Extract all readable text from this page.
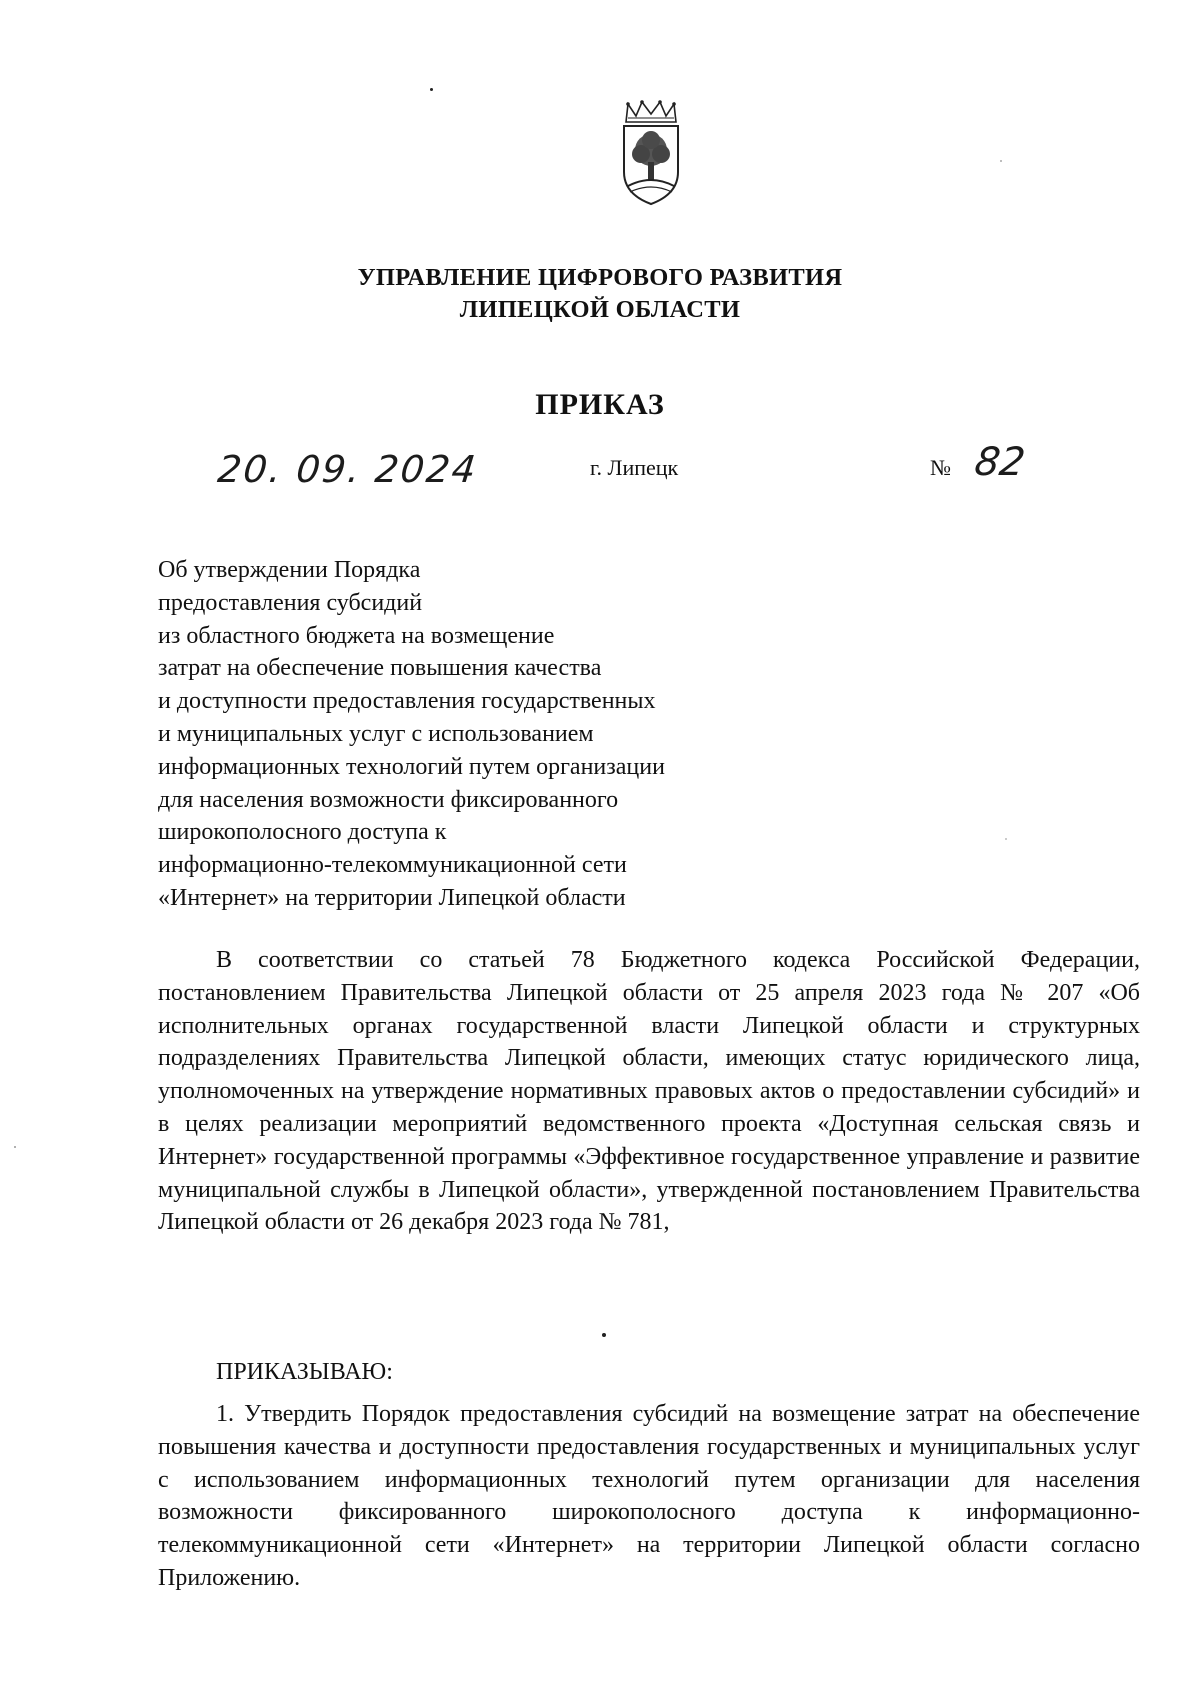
УПРАВЛЕНИЕ ЦИФРОВОГО РАЗВИТИЯ
ЛИПЕЦКОЙ ОБЛАСТИ
ПРИКАЗ
20. 09. 2024	г. Липецк	№ 82
Об утверждении Порядка
предоставления субсидий
из областного бюджета на возмещение
затрат на обеспечение повышения качества
и доступности предоставления государственных
и муниципальных услуг с использованием
информационных технологий путем организации
для населения возможности фиксированного
широкополосного доступа к
информационно-телекоммуникационной сети
«Интернет» на территории Липецкой области
В соответствии со статьей 78 Бюджетного кодекса Российской Федерации, постановлением Правительства Липецкой области от 25 апреля 2023 года № 207 «Об исполнительных органах государственной власти Липецкой области и структурных подразделениях Правительства Липецкой области, имеющих статус юридического лица, уполномоченных на утверждение нормативных правовых актов о предоставлении субсидий» и в целях реализации мероприятий ведомственного проекта «Доступная сельская связь и Интернет» государственной программы «Эффективное государственное управление и развитие муниципальной службы в Липецкой области», утвержденной постановлением Правительства Липецкой области от 26 декабря 2023 года № 781,
ПРИКАЗЫВАЮ:
1. Утвердить Порядок предоставления субсидий на возмещение затрат на обеспечение повышения качества и доступности предоставления государственных и муниципальных услуг с использованием информационных технологий путем организации для населения возможности фиксированного широкополосного доступа к информационно-телекоммуникационной сети «Интернет» на территории Липецкой области согласно Приложению.
